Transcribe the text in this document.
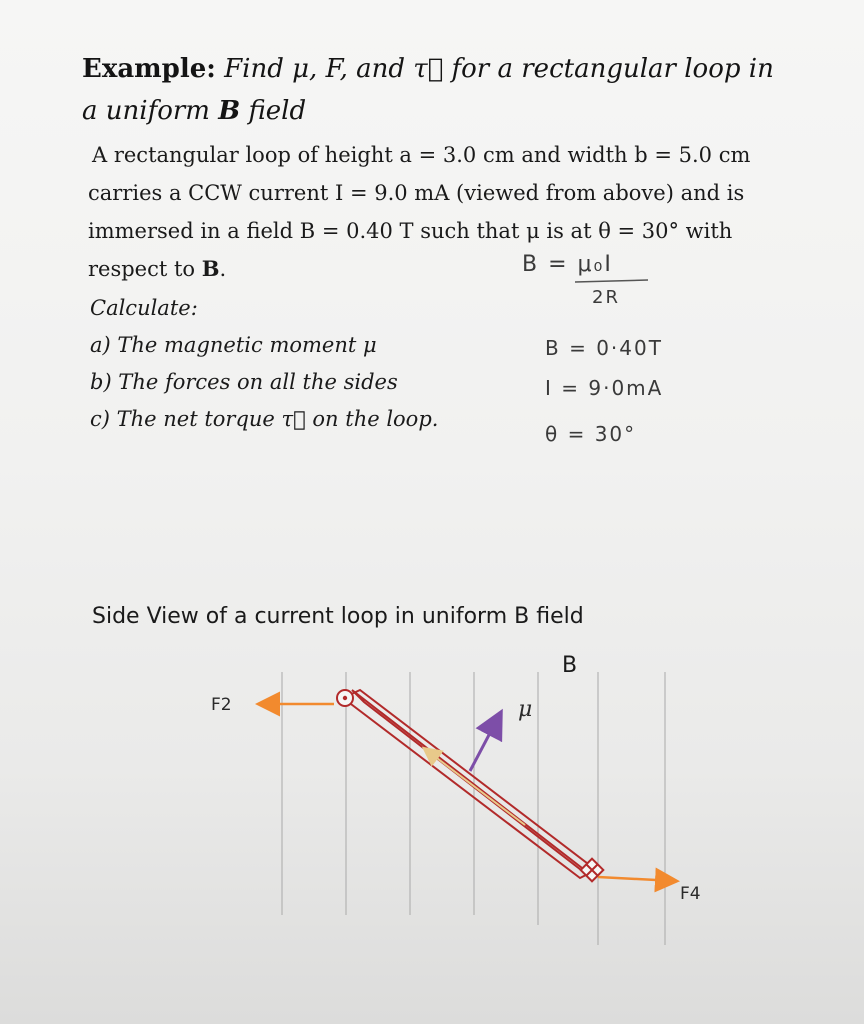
Example: Find μ, F, and τ⃗ for a rectangular loop in
a uniform B field
A rectangular loop of height a = 3.0 cm and width b = 5.0 cm
carries a CCW current I = 9.0 mA (viewed from above) and is
immersed in a field B = 0.40 T such that μ is at θ = 30° with
respect to B.
Calculate:
a) The magnetic moment μ
b) The forces on all the sides
c) The net torque τ⃗ on the loop.
B = μ₀I
2R
B = 0·40T
I = 9·0mA
θ = 30°
Side View of a current loop in uniform B field
B
μ
F2
F4
